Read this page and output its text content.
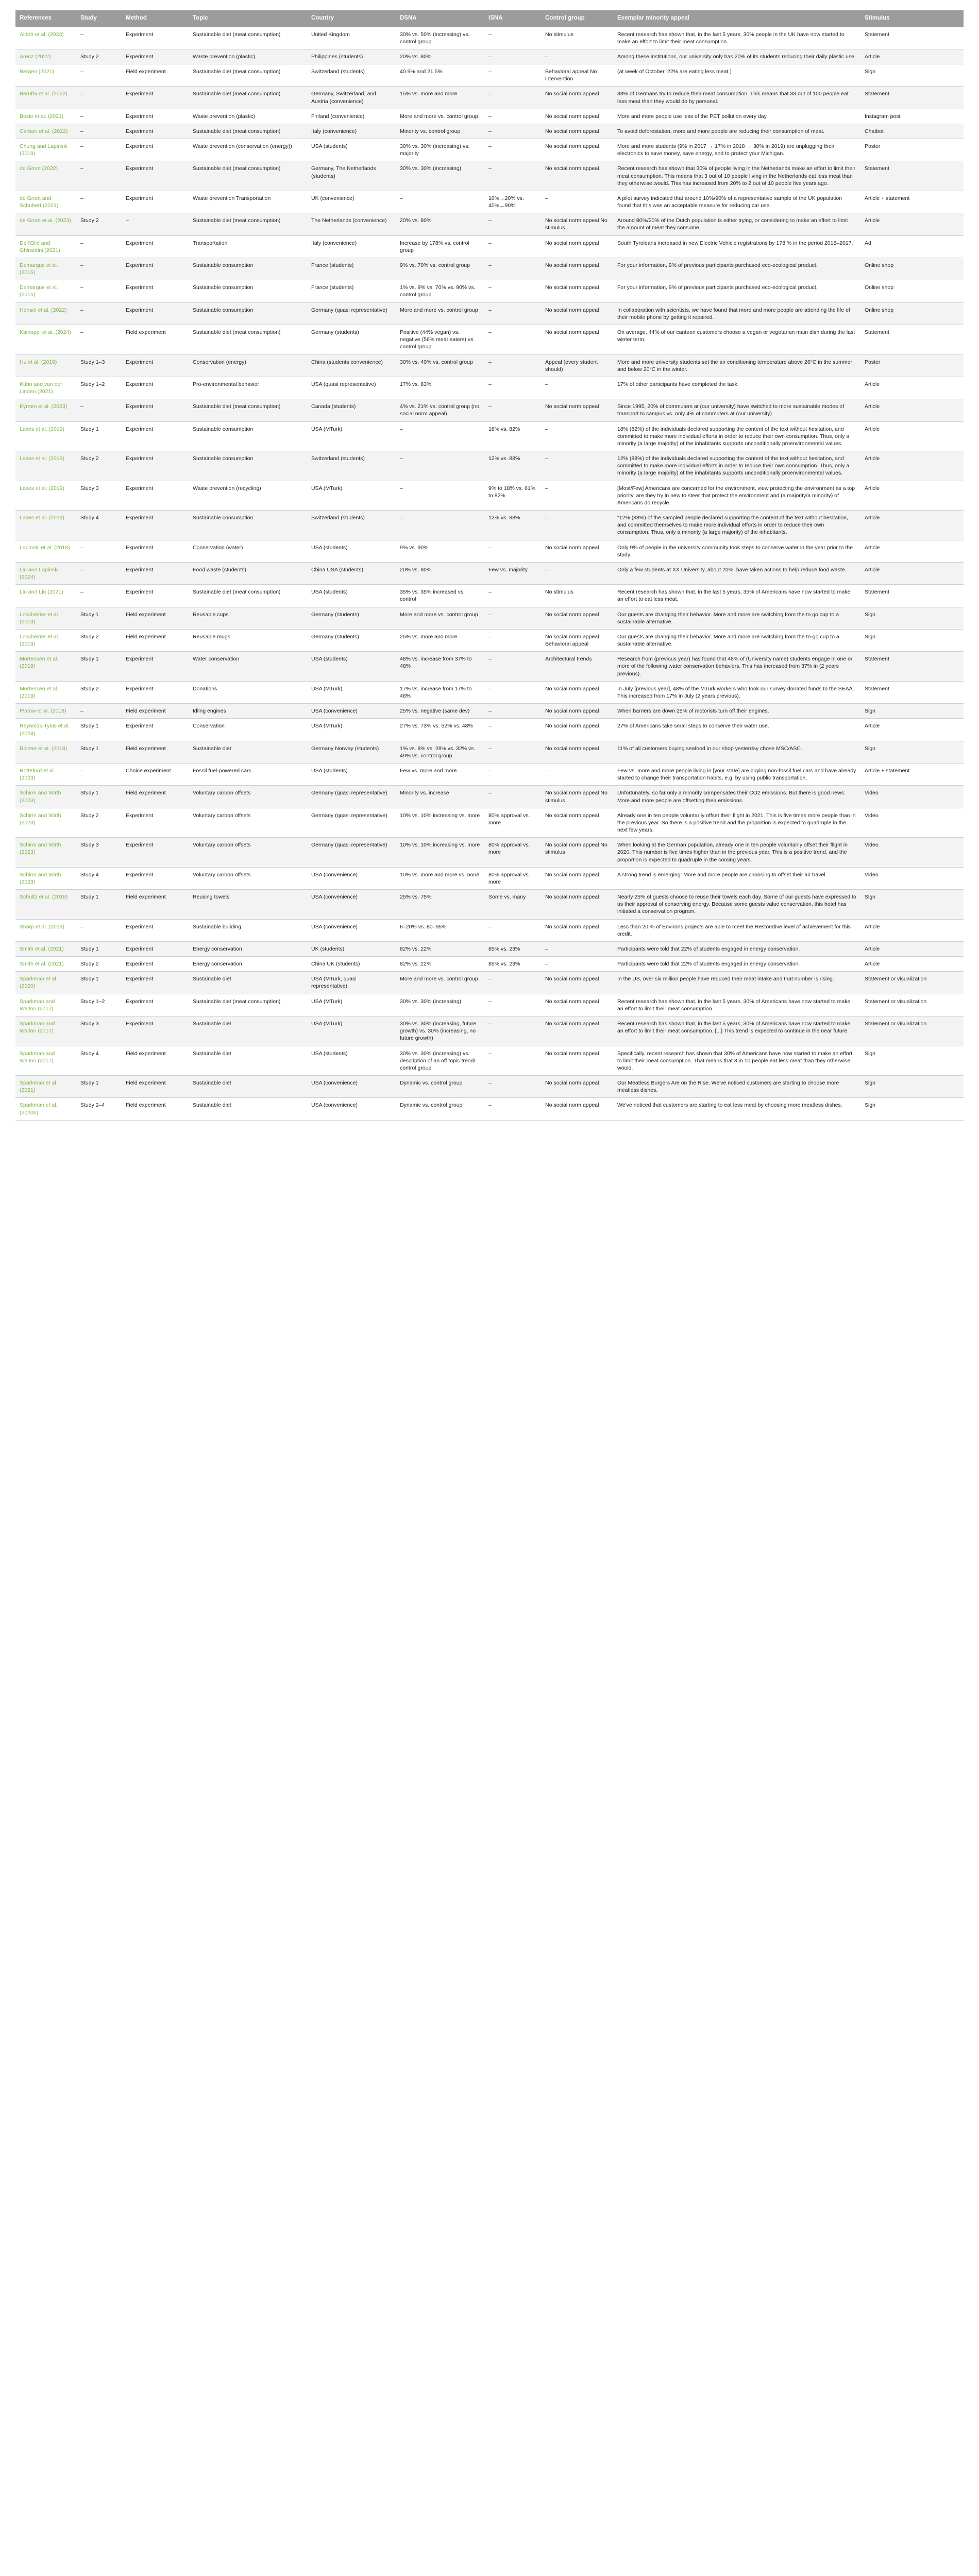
References	Study	Method	Topic	Country	DSNA	ISNA	Control group	Exemplar minority appeal	Stimulus
Aldoh et al. (2023)	–	Experiment	Sustainable diet (meat consumption)	United Kingdom	30% vs. 50% (increasing) vs. control group	–	No stimulus	Recent research has shown that, in the last 5 years, 30% people in the UK have now started to make an effort to limit their meat consumption.	Statement
Arenz (2022)	Study 2	Experiment	Waste prevention (plastic)	Philippines (students)	20% vs. 80%	–	–	Among these institutions, our university only has 20% of its students reducing their daily plastic use.	Article
Bergen (2021)	–	Field experiment	Sustainable diet (meat consumption)	Switzerland (students)	40.9% and 21.5%	–	Behavioral appeal No intervention	(at week of October, 22% are eating less meat.)	Sign
Berufta et al. (2022)	–	Experiment	Sustainable diet (meat consumption)	Germany, Switzerland, and Austria (convenience)	15% vs. more and more	–	No social norm appeal	33% of Germans try to reduce their meat consumption. This means that 33 out of 100 people eat less meat than they would do by personal.	Statement
Bosio et al. (2021)	–	Experiment	Waste prevention (plastic)	Finland (convenience)	More and more vs. control group	–	No social norm appeal	More and more people use less of the PET pollution every day.	Instagram post
Carbon et al. (2022)	–	Experiment	Sustainable diet (meat consumption)	Italy (convenience)	Minority vs. control group	–	No social norm appeal	To avoid deforestation, more and more people are reducing their consumption of meat.	Chatbot
Chung and Lapinski (2019)	–	Experiment	Waste prevention (conservation (energy))	USA (students)	30% vs. 30% (increasing) vs. majority	–	No social norm appeal	More and more students (9% in 2017 → 17% in 2018 → 30% in 2019) are unplugging their electronics to save money, save energy, and to protect your Michigan.	Poster
de Groot (2022)	–	Experiment	Sustainable diet (meat consumption)	Germany, The Netherlands (students)	30% vs. 30% (increasing)	–	No social norm appeal	Recent research has shown that 30% of people living in the Netherlands make an effort to limit their meat consumption. This means that 3 out of 10 people living in the Netherlands eat less meat than they otherwise would. This has increased from 20% to 2 out of 10 people five years ago.	Statement
de Groot and Schubert (2021)	–	Experiment	Waste prevention Transportation	UK (convenience)	–	10%→20% vs. 40%→90%	–	A pilot survey indicated that around 10%/90% of a representative sample of the UK population found that this was an acceptable measure for reducing car use.	Article + statement
de Groot et al. (2023)	Study 2	–	Sustainable diet (meat consumption)	The Netherlands (convenience)	20% vs. 80%	–	No social norm appeal No stimulus	Around 80%/20% of the Dutch population is either trying, or considering to make an effort to limit the amount of meat they consume.	Article
Dell'Olio and Ghirardini (2021)	–	Experiment	Transportation	Italy (convenience)	Increase by 178% vs. control group	–	No social norm appeal	South Tyroleans increased in new Electric Vehicle registrations by 178 % in the period 2015–2017.	Ad
Demarque et al. (2015)	–	Experiment	Sustainable consumption	France (students)	9% vs. 70% vs. control group	–	No social norm appeal	For your information, 9% of previous participants purchased eco-ecological product.	Online shop
Demarque et al. (2015)	–	Experiment	Sustainable consumption	France (students)	1% vs. 9% vs. 70% vs. 90% vs. control group	–	No social norm appeal	For your information, 9% of previous participants purchased eco-ecological product.	Online shop
Hensel et al. (2022)	–	Experiment	Sustainable consumption	Germany (quasi representative)	More and more vs. control group	–	No social norm appeal	In collaboration with scientists, we have found that more and more people are attending the life of their mobile phone by getting it repaired.	Online shop
Kalnoppi et al. (2024)	–	Field experiment	Sustainable diet (meat consumption)	Germany (students)	Positive (44% vegan) vs. negative (56% meat eaters) vs. control group	–	No social norm appeal	On average, 44% of our canteen customers choose a vegan or vegetarian main dish during the last winter term.	Statement
Hu et al. (2019)	Study 1–3	Experiment	Conservation (energy)	China (students convenience)	30% vs. 40% vs. control group	–	Appeal (every student should)	More and more university students set the air conditioning temperature above 26°C in the summer and below 20°C in the winter.	Poster
Kühn and van der Linden (2021)	Study 1–2	Experiment	Pro-environmental behavior	USA (quasi representative)	17% vs. 83%	–	–	17% of other participants have completed the task.	Article
Kyrmm et al. (2023)	–	Experiment	Sustainable diet (meat consumption)	Canada (students)	4% vs. 21% vs. control group (no social norm appeal)	–	No social norm appeal	Since 1995, 20% of commuters at (our university) have switched to more sustainable modes of transport to campus vs. only 4% of commuters at (our university).	Article
Lakes et al. (2019)	Study 1	Experiment	Sustainable consumption	USA (MTurk)	–	18% vs. 82%	–	18% (82%) of the individuals declared supporting the content of the text without hesitation, and committed to make more individual efforts in order to reduce their own consumption. Thus, only a minority (a large majority) of the inhabitants supports unconditionally proenvironmental values.	Article
Lakes et al. (2019)	Study 2	Experiment	Sustainable consumption	Switzerland (students)	–	12% vs. 88%	–	12% (88%) of the individuals declared supporting the content of the text without hesitation, and committed to make more individual efforts in order to reduce their own consumption. Thus, only a minority (a large majority) of the inhabitants supports unconditionally proenvironmental values.	Article
Lakes et al. (2019)	Study 3	Experiment	Waste prevention (recycling)	USA (MTurk)	–	9% to 18% vs. 61% to 82%	–	[Most/Few] Americans are concerned for the environment, view protecting the environment as a top priority, are they try in new to steer that protect the environment and (a majority/a minority) of Americans do recycle.	Article
Lakes et al. (2019)	Study 4	Experiment	Sustainable consumption	Switzerland (students)	–	12% vs. 88%	–	"12% (88%) of the sampled people declared supporting the content of the text without hesitation, and committed themselves to make more individual efforts in order to reduce their own consumption. Thus, only a minority (a large majority) of the inhabitants.	Article
Lapinski et al. (2018)	–	Experiment	Conservation (water)	USA (students)	9% vs. 90%	–	No social norm appeal	Only 9% of people in the university community took steps to conserve water in the year prior to the study.	Article
Liu and Lapinski (2024)	–	Experiment	Food waste (students)	China USA (students)	20% vs. 80%	Few vs. majority	–	Only a few students at XX University, about 20%, have taken actions to help reduce food waste.	Article
Liu and Liu (2021)	–	Experiment	Sustainable diet (meat consumption)	USA (students)	35% vs. 35% increased vs. control	–	No stimulus	Recent research has shown that, in the last 5 years, 35% of Americans have now started to make an effort to eat less meat.	Statement
Loschelder et al. (2019)	Study 1	Field experiment	Reusable cups	Germany (students)	More and more vs. control group	–	No social norm appeal	Our guests are changing their behavior. More and more are switching from the to go cup to a sustainable alternative.	Sign
Loschelder et al. (2019)	Study 2	Field experiment	Reusable mugs	Germany (students)	25% vs. more and more	–	No social norm appeal Behavioral appeal	Our guests are changing their behavior. More and more are switching from the to-go cup to a sustainable alternative.	Sign
Mortensen et al. (2019)	Study 1	Experiment	Water conservation	USA (students)	48% vs. increase from 37% to 48%	–	Architectural trends	Research from (previous year) has found that 48% of (University name) students engage in one or more of the following water conservation behaviors. This has increased from 37% in (2 years previous).	Statement
Mortensen et al. (2019)	Study 2	Experiment	Donations	USA (MTurk)	17% vs. increase from 17% to 48%	–	No social norm appeal	In July [previous year], 48% of the MTurk workers who took our survey donated funds to the SEAA. This increased from 17% in July (2 years previous).	Statement
Platow et al. (2018)	–	Field experiment	Idling engines	USA (convenience)	25% vs. negative (same dev)	–	No social norm appeal	When barriers are down 25% of motorists turn off their engines.	Sign
Reynolds-Tylus et al. (2024)	Study 1	Experiment	Conservation	USA (MTurk)	27% vs. 73% vs. 52% vs. 48%	–	No social norm appeal	27% of Americans take small steps to conserve their water use.	Article
Richter et al. (2018)	Study 1	Field experiment	Sustainable diet	Germany Norway (students)	1% vs. 8% vs. 28% vs. 32% vs. 49% vs. control group	–	No social norm appeal	11% of all customers buying seafood in our shop yesterday chose MSC/ASC.	Sign
Rotteford et al. (2023)	–	Choice experiment	Fossil fuel-powered cars	USA (students)	Few vs. more and more	–	–	Few vs. more and more people living in [your state] are buying non-fossil fuel cars and have already started to change their transportation habits, e.g. by using public transportation.	Article + statement
Schirm and Wirth (2023)	Study 1	Field experiment	Voluntary carbon offsets	Germany (quasi representative)	Minority vs. increase	–	No social norm appeal No stimulus	Unfortunately, so far only a minority compensates their CO2 emissions. But there is good news: More and more people are offsetting their emissions.	Video
Schirm and Wirth (2023)	Study 2	Experiment	Voluntary carbon offsets	Germany (quasi representative)	10% vs. 10% increasing vs. more	80% approval vs. more	No social norm appeal	Already one in ten people voluntarily offset their flight in 2021. This is five times more people than in the previous year. So there is a positive trend and the proportion is expected to quadruple in the next few years.	Video
Schirm and Wirth (2023)	Study 3	Experiment	Voluntary carbon offsets	Germany (quasi representative)	10% vs. 10% increasing vs. more	80% approval vs. more	No social norm appeal No stimulus	When looking at the German population, already one in ten people voluntarily offset their flight in 2020. This number is five times higher than in the previous year. This is a positive trend, and the proportion is expected to quadruple in the coming years.	Video
Schirm and Wirth (2023)	Study 4	Experiment	Voluntary carbon offsets	USA (convenience)	10% vs. more and more vs. none	80% approval vs. more	No social norm appeal	A strong trend is emerging: More and more people are choosing to offset their air travel.	Video
Schultz et al. (2018)	Study 1	Field experiment	Reusing towels	USA (convenience)	25% vs. 75%	Some vs. many	No social norm appeal	Nearly 25% of guests choose to reuse their towels each day. Some of our guests have expressed to us their approval of conserving energy. Because some guests value conservation, this hotel has initiated a conservation program.	Sign
Sharp et al. (2019)	–	Experiment	Sustainable building	USA (convenience)	6–20% vs. 80–95%	–	No social norm appeal	Less than 20 % of Environs projects are able to meet the Restorative level of achievement for this credit.	Article
Smith et al. (2021)	Study 1	Experiment	Energy conservation	UK (students)	82% vs. 22%	85% vs. 23%	–	Participants were told that 22% of students engaged in energy conservation.	Article
Smith et al. (2021)	Study 2	Experiment	Energy conservation	China UK (students)	82% vs. 22%	85% vs. 23%	–	Participants were told that 22% of students engaged in energy conservation.	Article
Sparkman et al. (2020)	Study 1	Experiment	Sustainable diet	USA (MTurk, quasi representative)	More and more vs. control group	–	No social norm appeal	In the US, over six million people have reduced their meat intake and that number is rising.	Statement or visualization
Sparkman and Walton (2017)	Study 1–2	Experiment	Sustainable diet (meat consumption)	USA (MTurk)	30% vs. 30% (increasing)	–	No social norm appeal	Recent research has shown that, in the last 5 years, 30% of Americans have now started to make an effort to limit their meat consumption.	Statement or visualization
Sparkman and Walton (2017)	Study 3	Experiment	Sustainable diet	USA (MTurk)	30% vs. 30% (increasing, future growth) vs. 30% (increasing, no future growth)	–	No social norm appeal	Recent research has shown that, in the last 5 years, 30% of Americans have now started to make an effort to limit their meat consumption. [...] This trend is expected to continue in the near future.	Statement or visualization
Sparkman and Walton (2017)	Study 4	Field experiment	Sustainable diet	USA (students)	30% vs. 30% (increasing) vs. description of an off topic trend/ control group	–	No social norm appeal	Specifically, recent research has shown that 30% of Americans have now started to make an effort to limit their meat consumption. That means that 3 in 10 people eat less meat than they otherwise would.	Sign
Sparkman et al. (2021)	Study 1	Field experiment	Sustainable diet	USA (convenience)	Dynamic vs. control group	–	No social norm appeal	Our Meatless Burgers Are on the Rise. We've noticed customers are starting to choose more meatless dishes.	Sign
Sparkman et al. (2020b)	Study 2–4	Field experiment	Sustainable diet	USA (convenience)	Dynamic vs. control group	–	No social norm appeal	We've noticed that customers are starting to eat less meat by choosing more meatless dishes.	Sign
